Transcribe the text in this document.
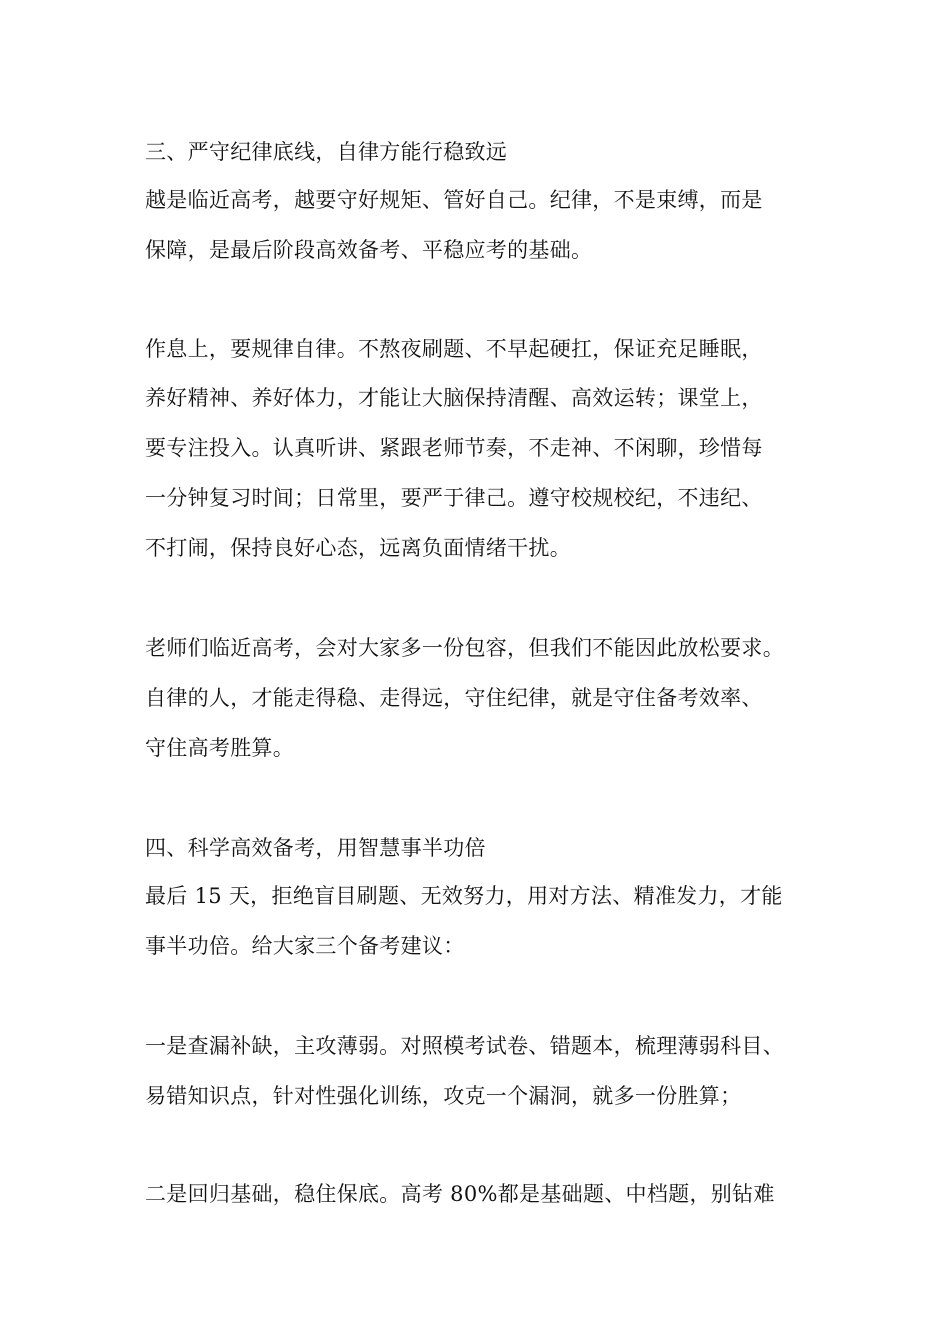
三、严守纪律底线，自律方能行稳致远
越是临近高考，越要守好规矩、管好自己。纪律，不是束缚，而是
保障，是最后阶段高效备考、平稳应考的基础。
作息上，要规律自律。不熬夜刷题、不早起硬扛，保证充足睡眠，
养好精神、养好体力，才能让大脑保持清醒、高效运转；课堂上，
要专注投入。认真听讲、紧跟老师节奏，不走神、不闲聊，珍惜每
一分钟复习时间；日常里，要严于律己。遵守校规校纪，不违纪、
不打闹，保持良好心态，远离负面情绪干扰。
老师们临近高考，会对大家多一份包容，但我们不能因此放松要求。
自律的人，才能走得稳、走得远，守住纪律，就是守住备考效率、
守住高考胜算。
四、科学高效备考，用智慧事半功倍
最后 15 天，拒绝盲目刷题、无效努力，用对方法、精准发力，才能
事半功倍。给大家三个备考建议：
一是查漏补缺，主攻薄弱。对照模考试卷、错题本，梳理薄弱科目、
易错知识点，针对性强化训练，攻克一个漏洞，就多一份胜算；
二是回归基础，稳住保底。高考 80%都是基础题、中档题，别钻难
